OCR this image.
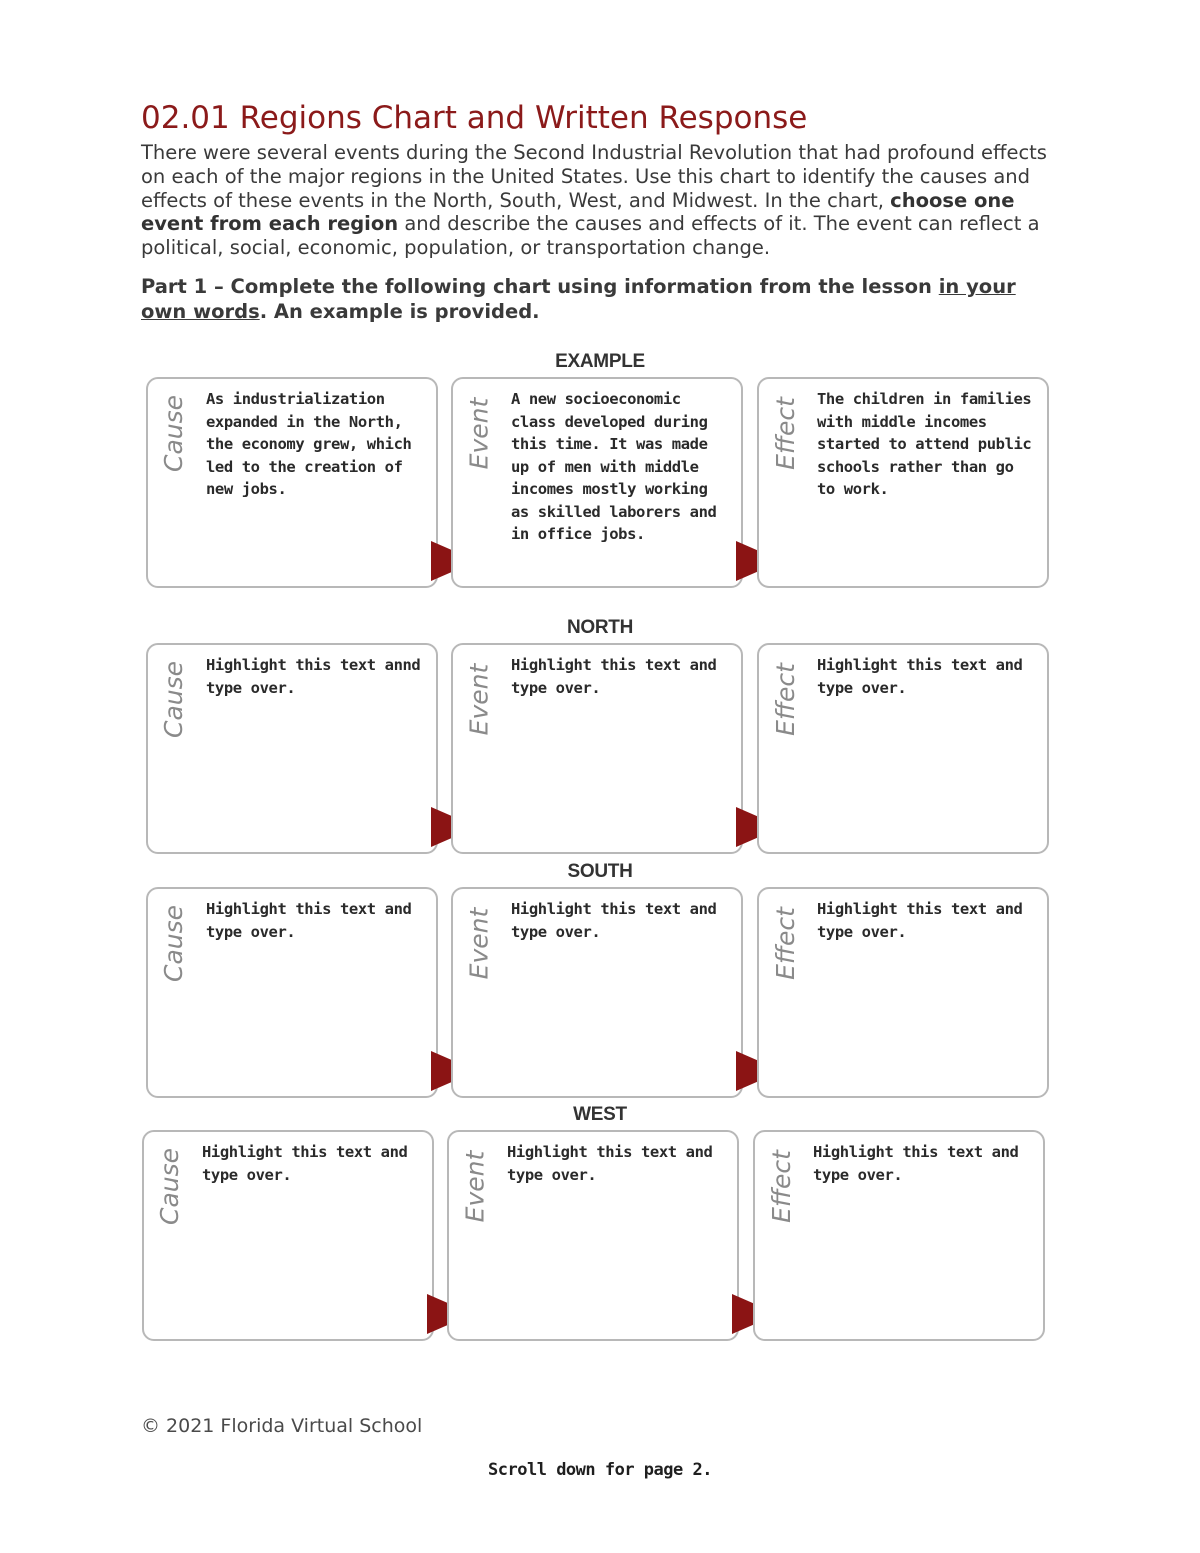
02.01 Regions Chart and Written Response

There were several events during the Second Industrial Revolution that had profound effects on each of the major regions in the United States. Use this chart to identify the causes and effects of these events in the North, South, West, and Midwest. In the chart, choose one event from each region and describe the causes and effects of it. The event can reflect a political, social, economic, population, or transportation change.

Part 1 – Complete the following chart using information from the lesson in your own words. An example is provided.

EXAMPLE
Cause As industrialization expanded in the North, the economy grew, which led to the creation of new jobs.

Event A new socioeconomic class developed during this time. It was made up of men with middle incomes mostly working as skilled laborers and in office jobs.

Effect The children in families with middle incomes started to attend public schools rather than go to work.

NORTH
Cause Highlight this text annd type over.	Event Highlight this text and type over.	Effect Highlight this text and type over.

SOUTH
Cause Highlight this text and type over.	Event Highlight this text and type over.	Effect Highlight this text and type over.

WEST
Cause Highlight this text and type over.	Event Highlight this text and type over.	Effect Highlight this text and type over.

© 2021 Florida Virtual School
Scroll down for page 2.
